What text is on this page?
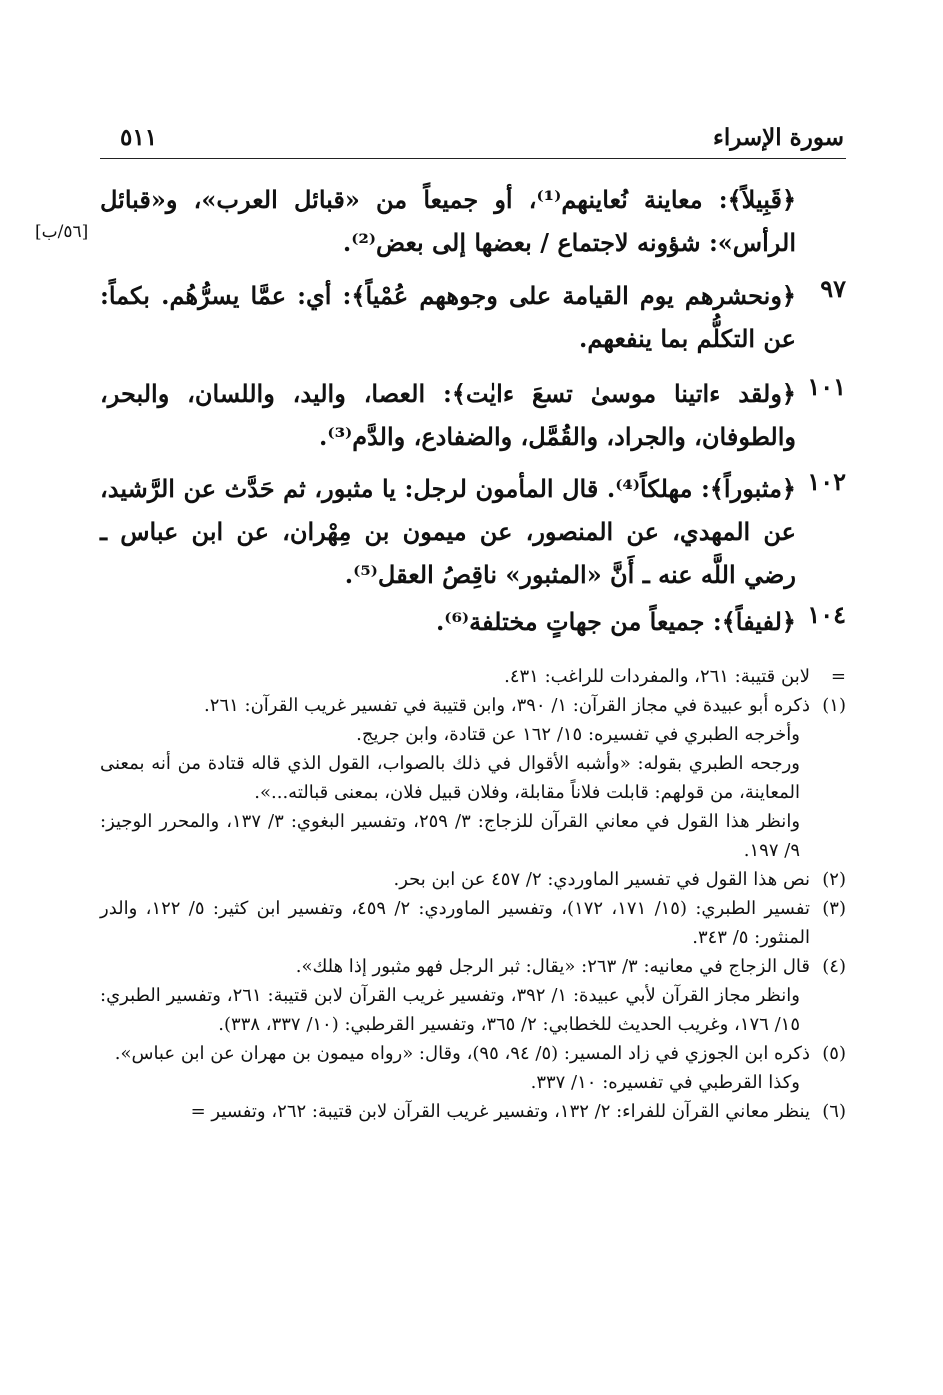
سورة الإسراء
٥١١
[٥٦/ب]
﴿قَبِيلاً﴾: معاينة نُعاينهم⁽¹⁾، أو جميعاً من «قبائل العرب»، و«قبائل الرأس»: شؤونه لاجتماع / بعضها إلى بعض⁽²⁾.
٩٧
﴿ونحشرهم يوم القيامة على وجوههم عُمْياً﴾: أي: عمَّا يسرُّهُم. بكماً: عن التكلُّم بما ينفعهم.
١٠١
﴿ولقد ءاتينا موسىٰ تسعَ ءايٰت﴾: العصا، واليد، واللسان، والبحر، والطوفان، والجراد، والقُمَّل، والضفادع، والدَّم⁽³⁾.
١٠٢
﴿مثبوراً﴾: مهلكاً⁽⁴⁾. قال المأمون لرجل: يا مثبور، ثم حَدَّث عن الرَّشيد، عن المهدي، عن المنصور، عن ميمون بن مِهْران، عن ابن عباس ـ رضي اللَّه عنه ـ أَنَّ «المثبور» ناقِصُ العقل⁽⁵⁾.
١٠٤
﴿لفيفاً﴾: جميعاً من جهاتٍ مختلفة⁽⁶⁾.
=
لابن قتيبة: ٢٦١، والمفردات للراغب: ٤٣١.
(١)
ذكره أبو عبيدة في مجاز القرآن: ١/ ٣٩٠، وابن قتيبة في تفسير غريب القرآن: ٢٦١.
وأخرجه الطبري في تفسيره: ١٥/ ١٦٢ عن قتادة، وابن جريج.
ورجحه الطبري بقوله: «وأشبه الأقوال في ذلك بالصواب، القول الذي قاله قتادة من أنه بمعنى المعاينة، من قولهم: قابلت فلاناً مقابلة، وفلان قبيل فلان، بمعنى قبالته...».
وانظر هذا القول في معاني القرآن للزجاج: ٣/ ٢٥٩، وتفسير البغوي: ٣/ ١٣٧، والمحرر الوجيز: ٩/ ١٩٧.
(٢)
نص هذا القول في تفسير الماوردي: ٢/ ٤٥٧ عن ابن بحر.
(٣)
تفسير الطبري: (١٥/ ١٧١، ١٧٢)، وتفسير الماوردي: ٢/ ٤٥٩، وتفسير ابن كثير: ٥/ ١٢٢، والدر المنثور: ٥/ ٣٤٣.
(٤)
قال الزجاج في معانيه: ٣/ ٢٦٣: «يقال: ثبر الرجل فهو مثبور إذا هلك».
وانظر مجاز القرآن لأبي عبيدة: ١/ ٣٩٢، وتفسير غريب القرآن لابن قتيبة: ٢٦١، وتفسير الطبري: ١٥/ ١٧٦، وغريب الحديث للخطابي: ٢/ ٣٦٥، وتفسير القرطبي: (١٠/ ٣٣٧، ٣٣٨).
(٥)
ذكره ابن الجوزي في زاد المسير: (٥/ ٩٤، ٩٥)، وقال: «رواه ميمون بن مهران عن ابن عباس».
وكذا القرطبي في تفسيره: ١٠/ ٣٣٧.
(٦)
ينظر معاني القرآن للفراء: ٢/ ١٣٢، وتفسير غريب القرآن لابن قتيبة: ٢٦٢، وتفسير =
